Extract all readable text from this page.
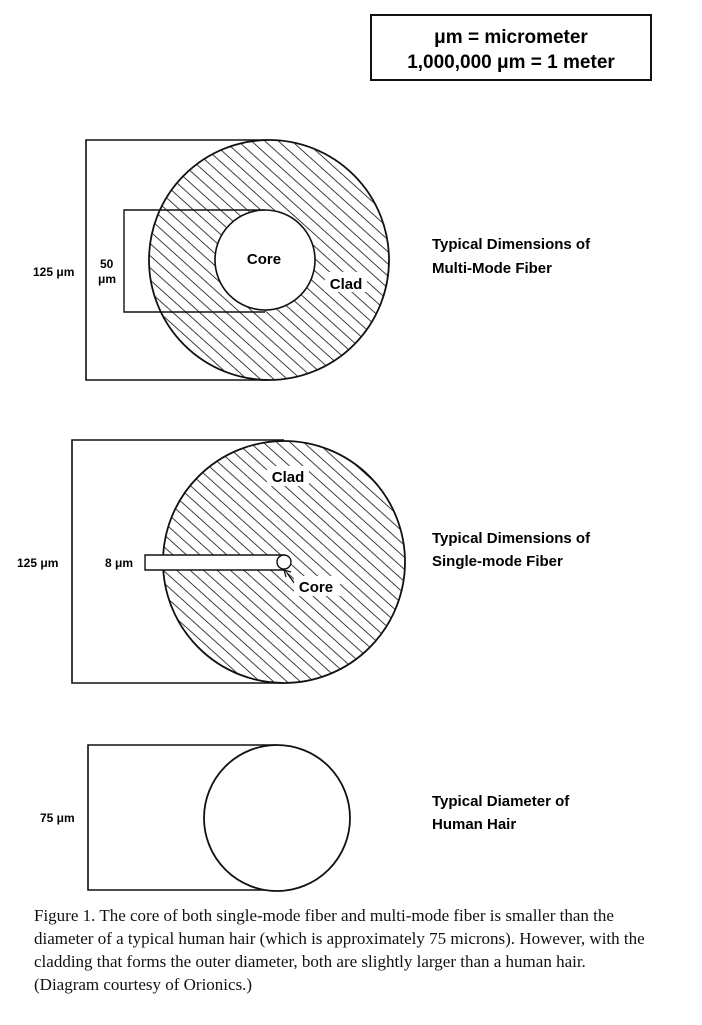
μm = micrometer
1,000,000 μm = 1 meter
125 μm
50
μm
Core
Clad
Typical Dimensions of
Multi-Mode Fiber
125 μm	8 μm
Clad
Core
Typical Dimensions of
Single-mode Fiber
75 μm
Typical Diameter of
Human Hair

Figure 1. The core of both single-mode fiber and multi-mode fiber is smaller than the diameter of a typical human hair (which is approximately 75 microns). However, with the cladding that forms the outer diameter, both are slightly larger than a human hair. (Diagram courtesy of Orionics.)
